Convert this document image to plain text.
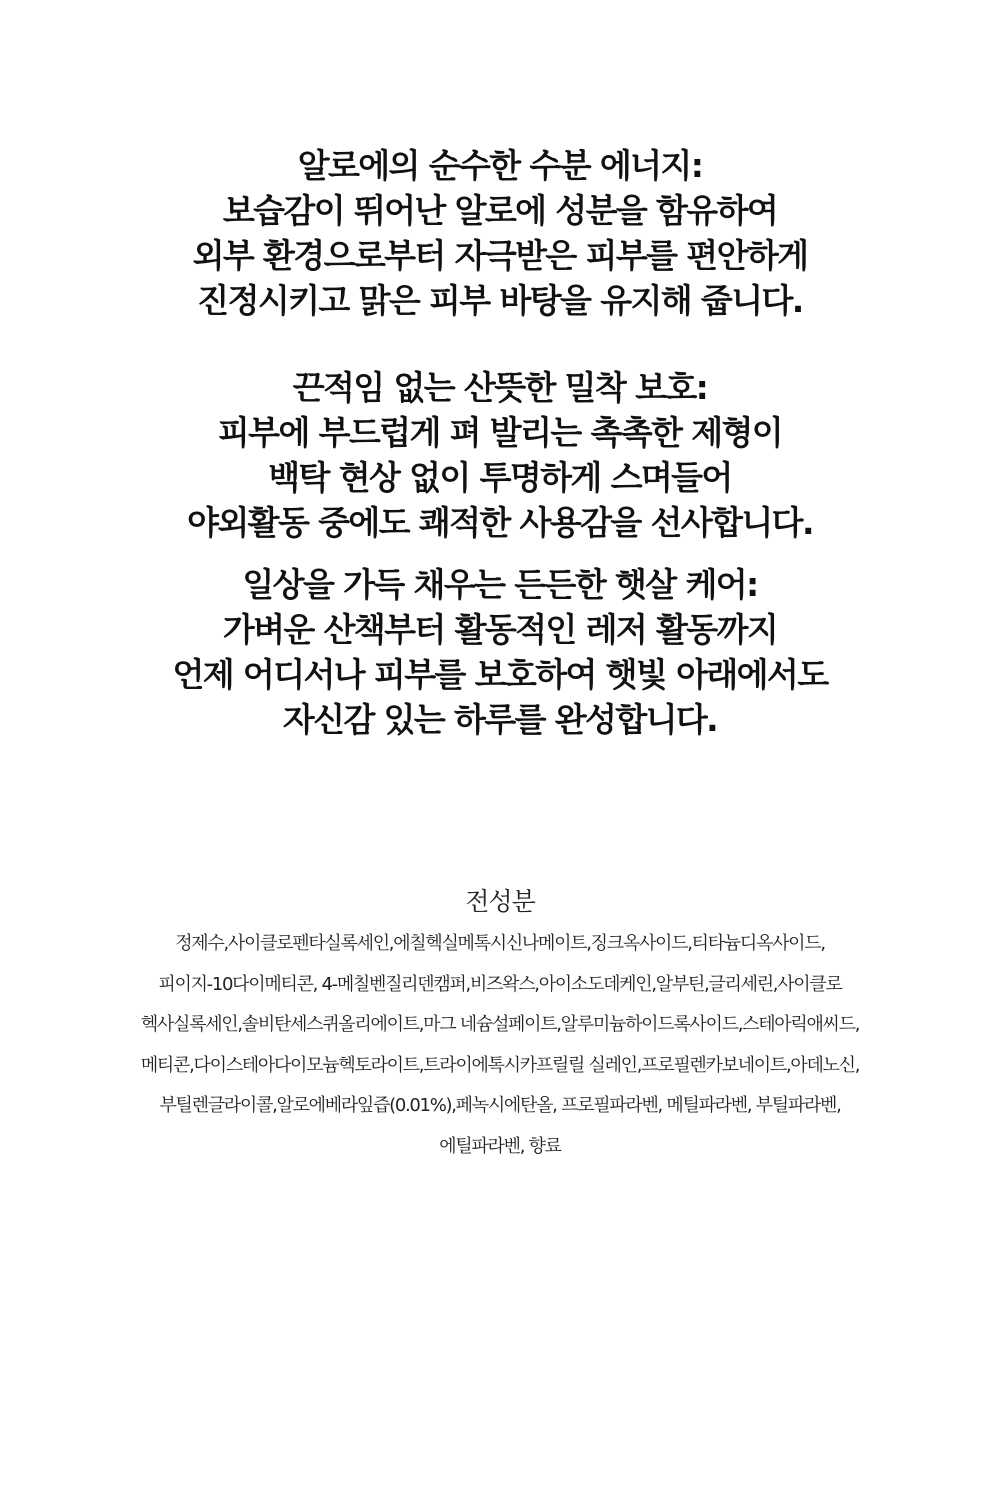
알로에의 순수한 수분 에너지:
보습감이 뛰어난 알로에 성분을 함유하여
외부 환경으로부터 자극받은 피부를 편안하게
진정시키고 맑은 피부 바탕을 유지해 줍니다.
끈적임 없는 산뜻한 밀착 보호:
피부에 부드럽게 펴 발리는 촉촉한 제형이
백탁 현상 없이 투명하게 스며들어
야외활동 중에도 쾌적한 사용감을 선사합니다.
일상을 가득 채우는 든든한 햇살 케어:
가벼운 산책부터 활동적인 레저 활동까지
언제 어디서나 피부를 보호하여 햇빛 아래에서도
자신감 있는 하루를 완성합니다.
전성분
정제수,사이클로펜타실록세인,에칠헥실메톡시신나메이트,징크옥사이드,티타늄디옥사이드,
피이지-10다이메티콘, 4-메칠벤질리덴캠퍼,비즈왁스,아이소도데케인,알부틴,글리세린,사이클로
헥사실록세인,솔비탄세스퀴올리에이트,마그 네슘설페이트,알루미늄하이드록사이드,스테아릭애씨드,
메티콘,다이스테아다이모늄헥토라이트,트라이에톡시카프릴릴 실레인,프로필렌카보네이트,아데노신,
부틸렌글라이콜,알로에베라잎즙(0.01%),페녹시에탄올, 프로필파라벤, 메틸파라벤, 부틸파라벤,
에틸파라벤, 향료
